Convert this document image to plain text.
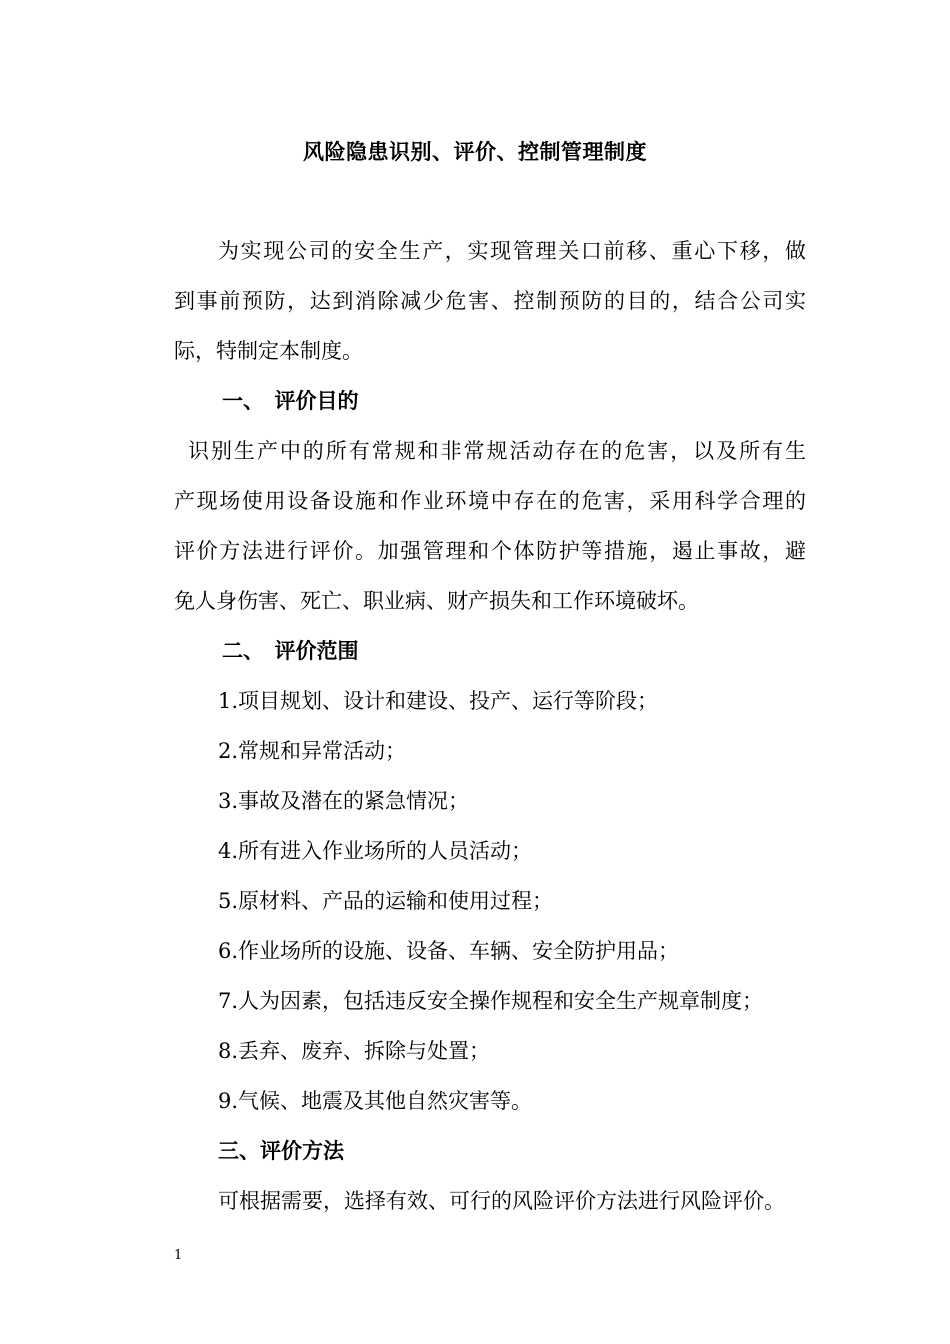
风险隐患识别、评价、控制管理制度
为实现公司的安全生产，实现管理关口前移、重心下移，做
到事前预防，达到消除减少危害、控制预防的目的，结合公司实
际，特制定本制度。
一、　评价目的
识别生产中的所有常规和非常规活动存在的危害，以及所有生
产现场使用设备设施和作业环境中存在的危害，采用科学合理的
评价方法进行评价。加强管理和个体防护等措施，遏止事故，避
免人身伤害、死亡、职业病、财产损失和工作环境破坏。
二、　评价范围
1.项目规划、设计和建设、投产、运行等阶段；
2.常规和异常活动；
3.事故及潜在的紧急情况；
4.所有进入作业场所的人员活动；
5.原材料、产品的运输和使用过程；
6.作业场所的设施、设备、车辆、安全防护用品；
7.人为因素，包括违反安全操作规程和安全生产规章制度；
8.丢弃、废弃、拆除与处置；
9.气候、地震及其他自然灾害等。
三、评价方法
可根据需要，选择有效、可行的风险评价方法进行风险评价。
1
